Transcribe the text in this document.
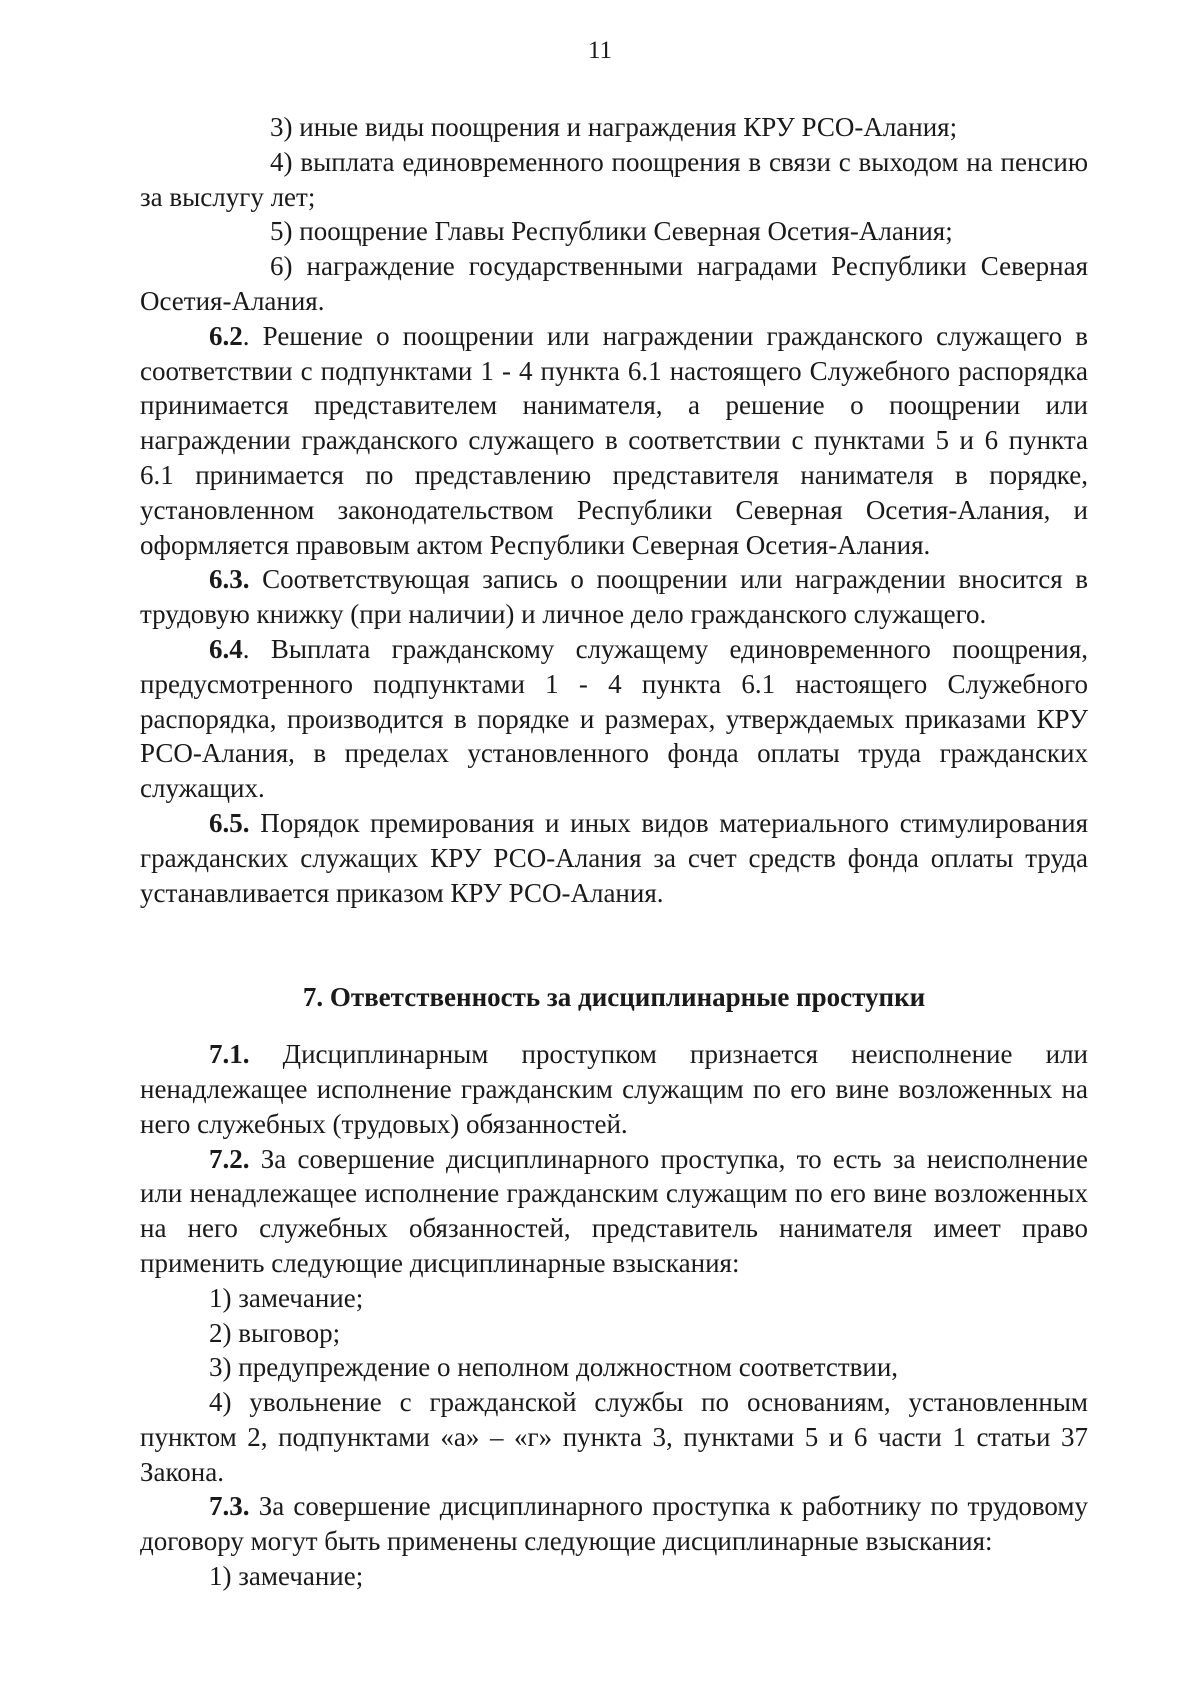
11

3) иные виды поощрения и награждения КРУ РСО-Алания;

4) выплата единовременного поощрения в связи с выходом на пенсию за выслугу лет;

5) поощрение Главы Республики Северная Осетия-Алания;

6) награждение государственными наградами Республики Северная Осетия-Алания.

6.2. Решение о поощрении или награждении гражданского служащего в соответствии с подпунктами 1 - 4 пункта 6.1 настоящего Служебного распорядка принимается представителем нанимателя, а решение о поощрении или награждении гражданского служащего в соответствии с пунктами 5 и 6 пункта 6.1 принимается по представлению представителя нанимателя в порядке, установленном законодательством Республики Северная Осетия-Алания, и оформляется правовым актом Республики Северная Осетия-Алания.

6.3. Соответствующая запись о поощрении или награждении вносится в трудовую книжку (при наличии) и личное дело гражданского служащего.

6.4. Выплата гражданскому служащему единовременного поощрения, предусмотренного подпунктами 1 - 4 пункта 6.1 настоящего Служебного распорядка, производится в порядке и размерах, утверждаемых приказами КРУ РСО-Алания, в пределах установленного фонда оплаты труда гражданских служащих.

6.5. Порядок премирования и иных видов материального стимулирования гражданских служащих КРУ РСО-Алания за счет средств фонда оплаты труда устанавливается приказом КРУ РСО-Алания.

7. Ответственность за дисциплинарные проступки

7.1. Дисциплинарным проступком признается неисполнение или ненадлежащее исполнение гражданским служащим по его вине возложенных на него служебных (трудовых) обязанностей.

7.2. За совершение дисциплинарного проступка, то есть за неисполнение или ненадлежащее исполнение гражданским служащим по его вине возложенных на него служебных обязанностей, представитель нанимателя имеет право применить следующие дисциплинарные взыскания:

1) замечание;

2) выговор;

3) предупреждение о неполном должностном соответствии,

4) увольнение с гражданской службы по основаниям, установленным пунктом 2, подпунктами «а» – «г» пункта 3, пунктами 5 и 6 части 1 статьи 37 Закона.

7.3. За совершение дисциплинарного проступка к работнику по трудовому договору могут быть применены следующие дисциплинарные взыскания:

1) замечание;
